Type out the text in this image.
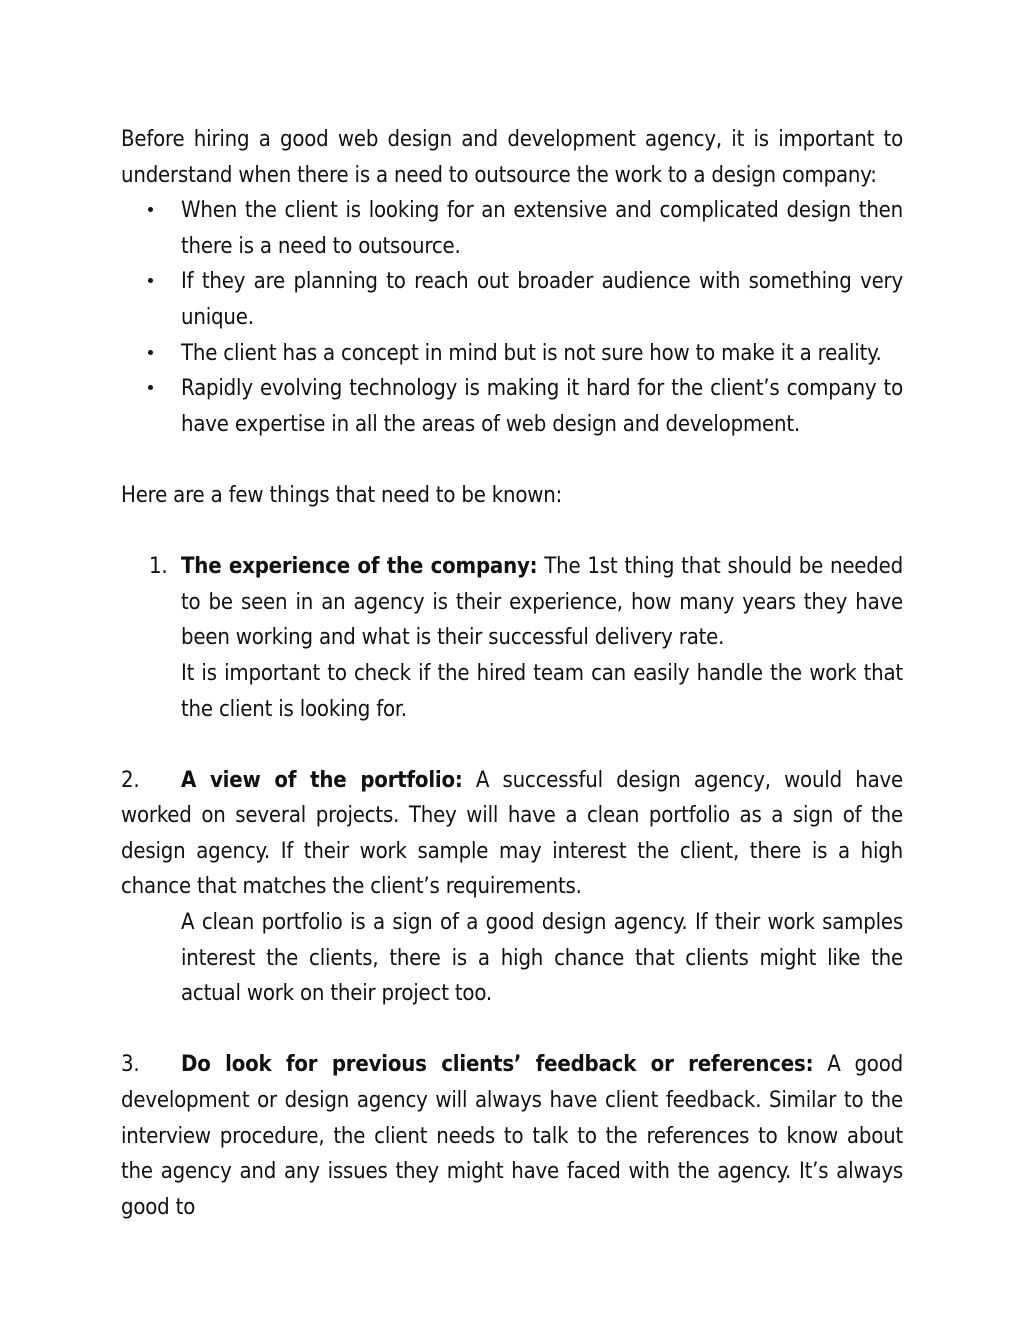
Before hiring a good web design and development agency, it is important to understand when there is a need to outsource the work to a design company:

When the client is looking for an extensive and complicated design then there is a need to outsource.
If they are planning to reach out broader audience with something very unique.
The client has a concept in mind but is not sure how to make it a reality.
Rapidly evolving technology is making it hard for the client’s company to have expertise in all the areas of web design and development.

Here are a few things that need to be known:

1. The experience of the company: The 1st thing that should be needed to be seen in an agency is their experience, how many years they have been working and what is their successful delivery rate.

It is important to check if the hired team can easily handle the work that the client is looking for.

2. A view of the portfolio: A successful design agency, would have worked on several projects. They will have a clean portfolio as a sign of the design agency. If their work sample may interest the client, there is a high chance that matches the client’s requirements.

A clean portfolio is a sign of a good design agency. If their work samples interest the clients, there is a high chance that clients might like the actual work on their project too.

3. Do look for previous clients’ feedback or references: A good development or design agency will always have client feedback. Similar to the interview procedure, the client needs to talk to the references to know about the agency and any issues they might have faced with the agency. It’s always good to
